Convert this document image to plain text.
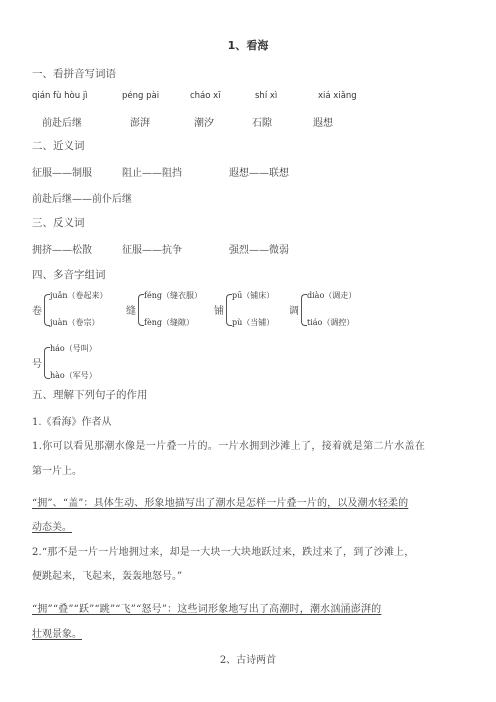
1、看海
一、看拼音写词语
qián fù hòu jì	péng pài	cháo xī	shí xì	xiá xiǎng
前赴后继	澎湃	潮汐	石隙	遐想
二、近义词
征服——制服	阻止——阻挡	遐想——联想
前赴后继——前仆后继
三、反义词
拥挤——松散	征服——抗争	强烈——微弱
四、多音字组词
卷
juǎn（卷起来）
juàn（卷宗）
缝
féng（缝衣服）
fèng（缝隙）
铺
pū（铺床）
pù（当铺）
调
diào（调走）
tiáo（调控）
号
háo（号叫）
hào（军号）
五、理解下列句子的作用
1.《看海》作者从
1.你可以看见那潮水像是一片叠一片的。一片水拥到沙滩上了，接着就是第二片水盖在
第一片上。
“拥”、“盖”：具体生动、形象地描写出了潮水是怎样一片叠一片的，以及潮水轻柔的
动态美。
2.“那不是一片一片地拥过来，却是一大块一大块地跃过来，跌过来了，到了沙滩上，
便跳起来，飞起来，轰轰地怒号。”
“拥”“叠”“跃”“跳”“飞”“怒号”：这些词形象地写出了高潮时，潮水汹涌澎湃的
壮观景象。
2、古诗两首
